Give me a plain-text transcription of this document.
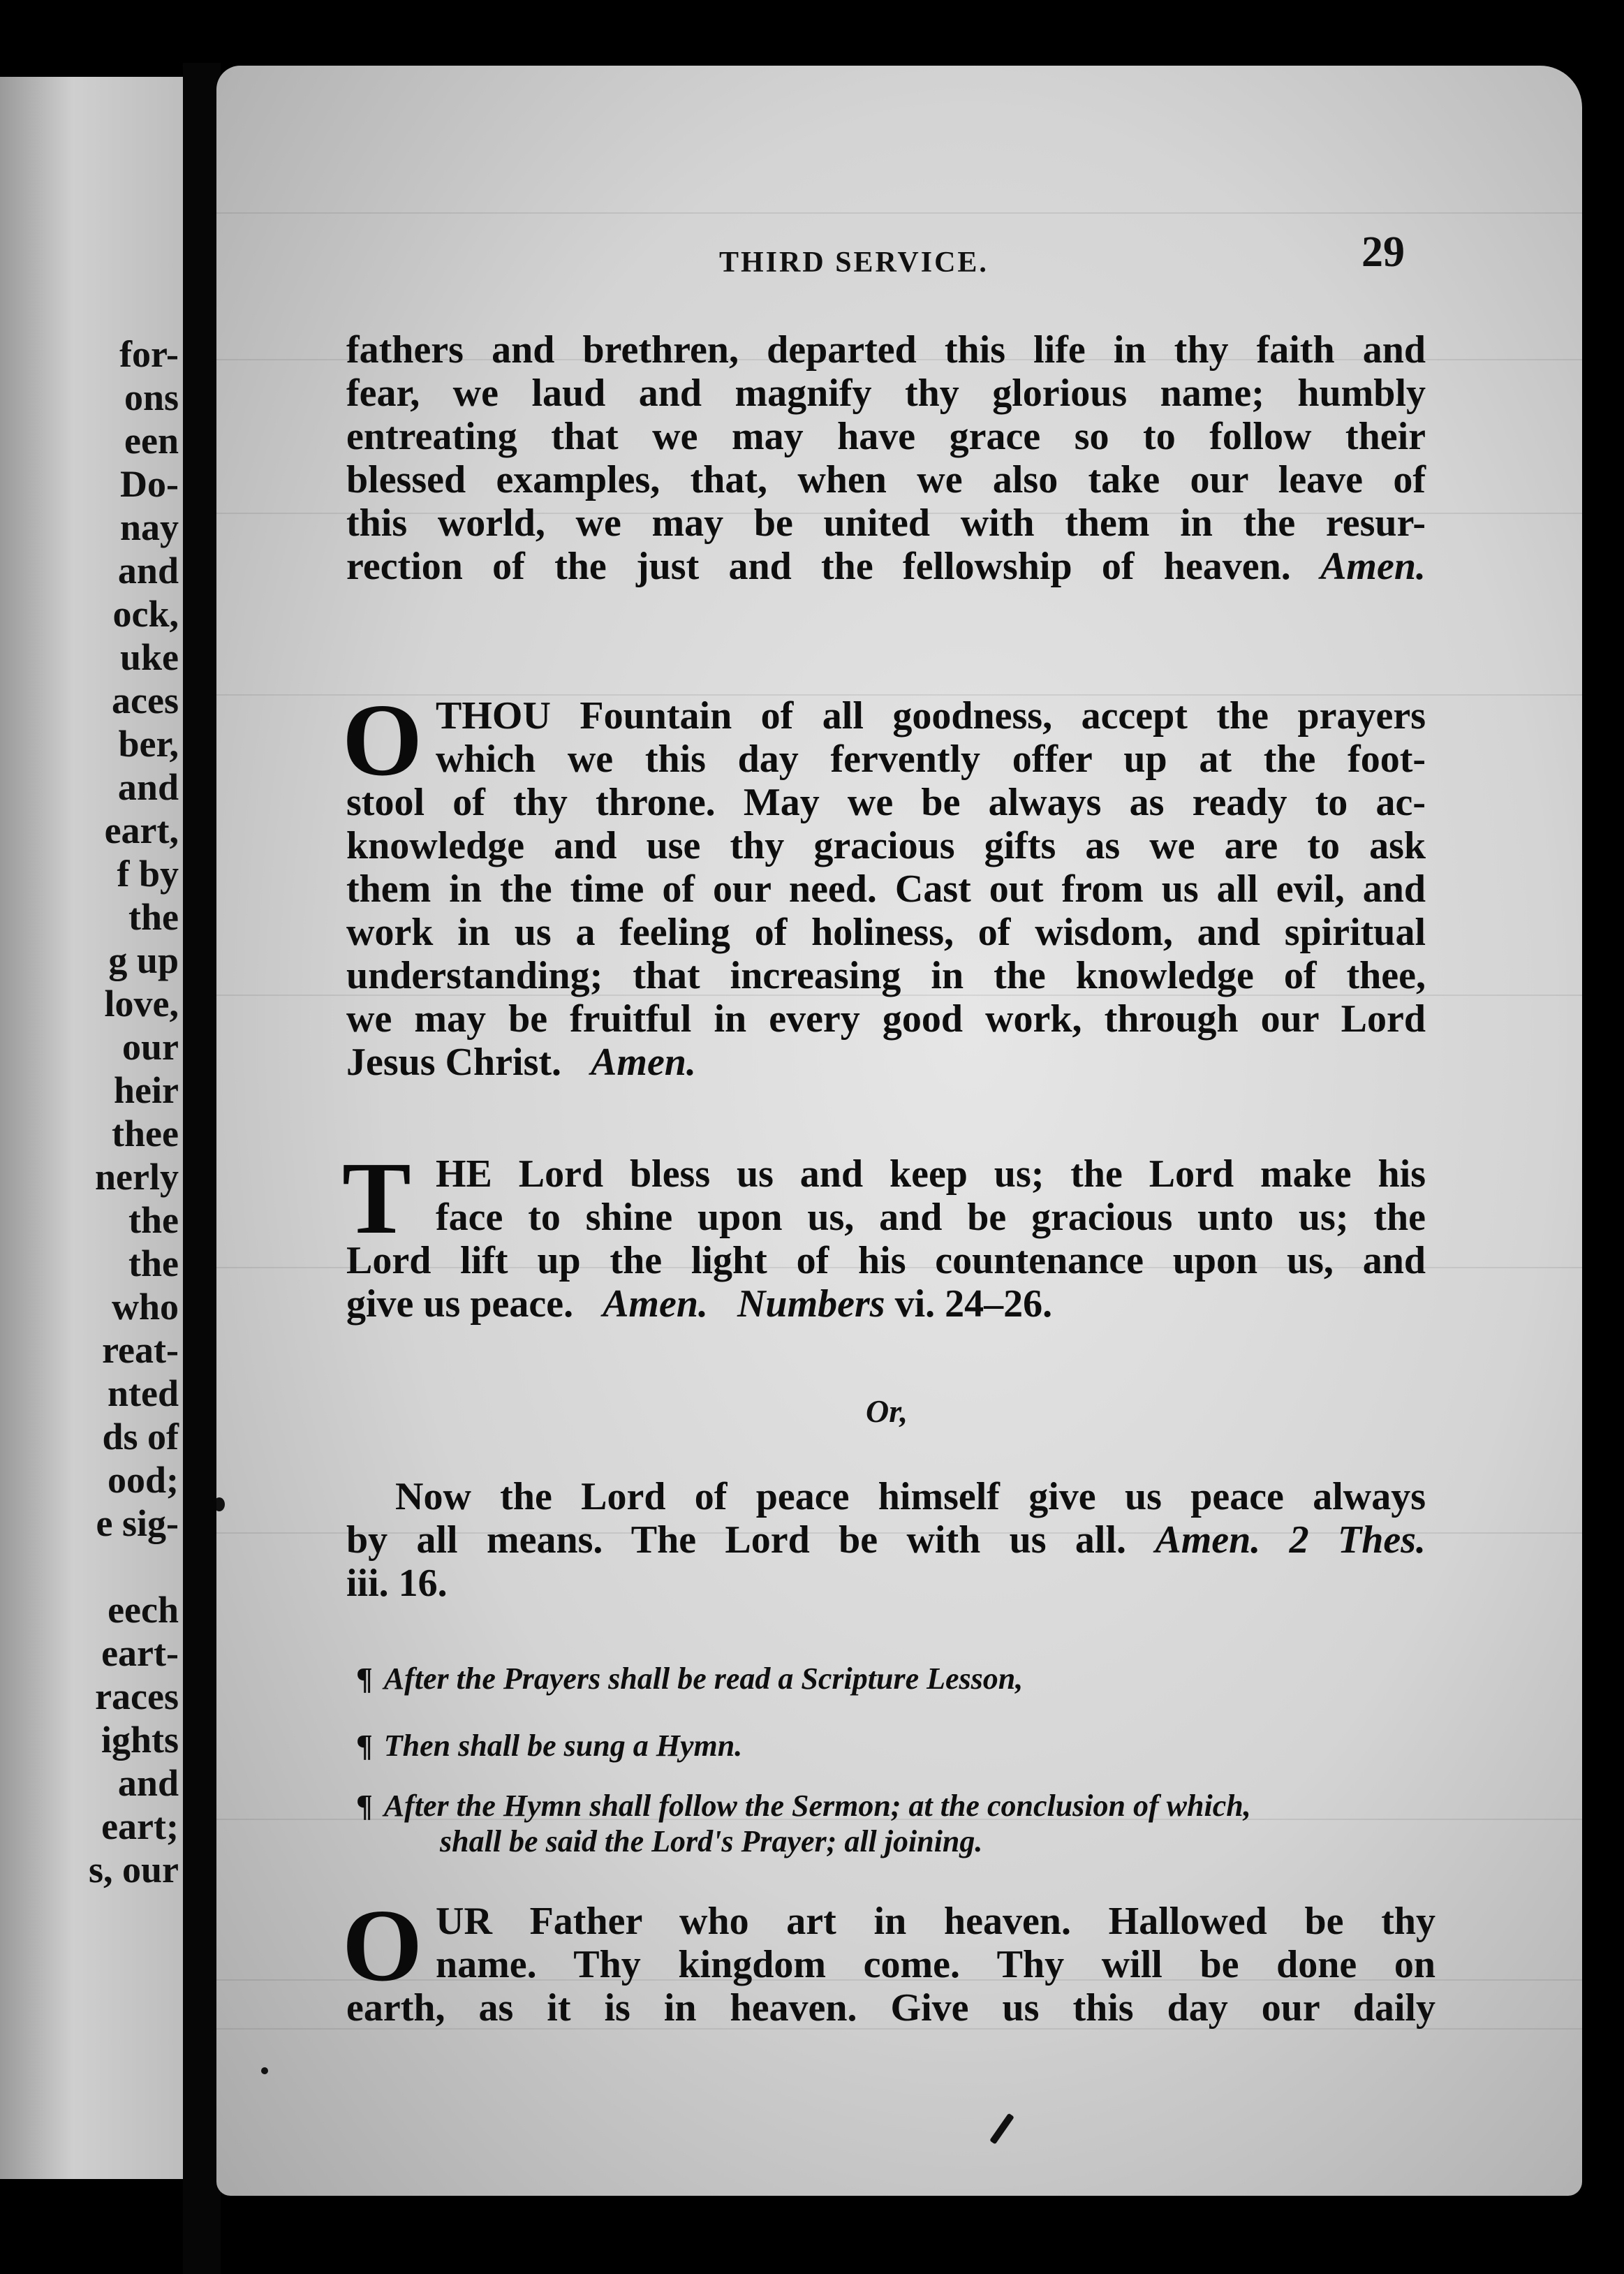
for-
ons
een
Do-
nay
and
ock,
uke
aces
ber,
and
eart,
f by
the
g up
love,
our
heir
thee
nerly
the
the
who
reat-
nted
ds of
ood;
e sig-
eech
eart-
races
ights
and
eart;
s, our
THIRD SERVICE.	29
fathers and brethren, departed this life in thy faith and
fear, we laud and magnify thy glorious name; humbly
entreating that we may have grace so to follow their
blessed examples, that, when we also take our leave of
this world, we may be united with them in the resur-
rection of the just and the fellowship of heaven. Amen.
O THOU Fountain of all goodness, accept the prayers
which we this day fervently offer up at the foot-
stool of thy throne. May we be always as ready to ac-
knowledge and use thy gracious gifts as we are to ask
them in the time of our need. Cast out from us all evil, and
work in us a feeling of holiness, of wisdom, and spiritual
understanding; that increasing in the knowledge of thee,
we may be fruitful in every good work, through our Lord
Jesus Christ. Amen.
T HE Lord bless us and keep us; the Lord make his
face to shine upon us, and be gracious unto us; the
Lord lift up the light of his countenance upon us, and
give us peace. Amen. Numbers vi. 24–26.
Or,
Now the Lord of peace himself give us peace always
by all means. The Lord be with us all. Amen. 2 Thes.
iii. 16.
¶ After the Prayers shall be read a Scripture Lesson,
¶ Then shall be sung a Hymn.
¶ After the Hymn shall follow the Sermon; at the conclusion of which,
shall be said the Lord's Prayer; all joining.
O UR Father who art in heaven. Hallowed be thy
name. Thy kingdom come. Thy will be done on
earth, as it is in heaven. Give us this day our daily
